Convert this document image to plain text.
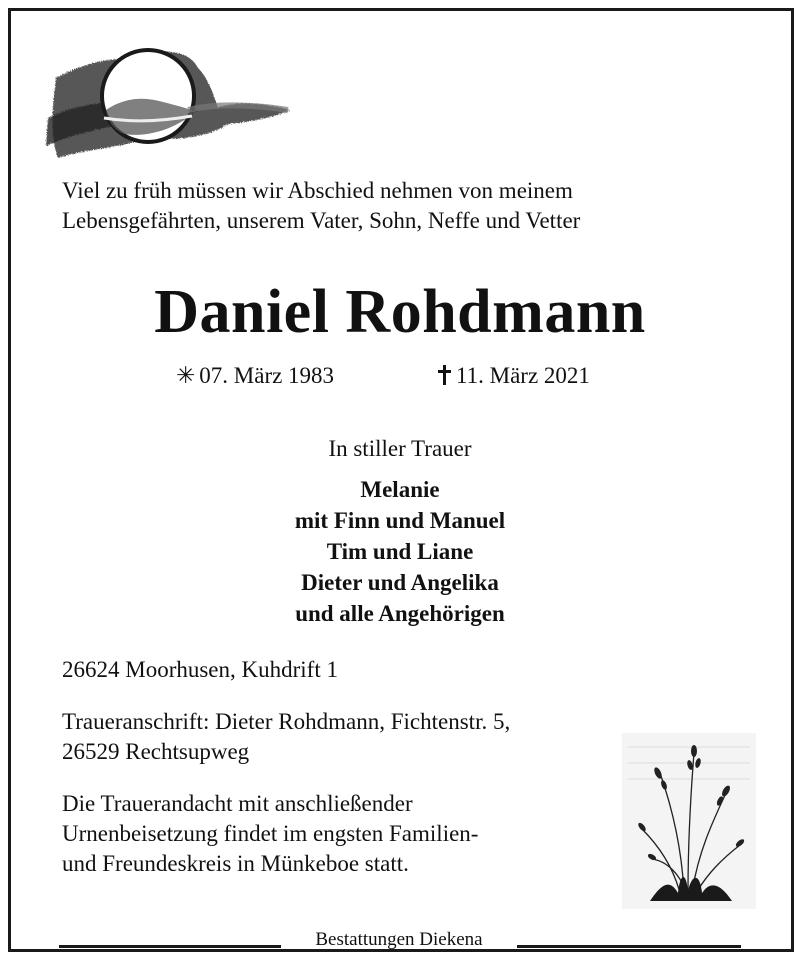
Viel zu früh müssen wir Abschied nehmen von meinem
Lebensgefährten, unserem Vater, Sohn, Neffe und Vetter
Daniel Rohdmann
✳ 07. März 1983	11. März 2021
In stiller Trauer
Melanie
mit Finn und Manuel
Tim und Liane
Dieter und Angelika
und alle Angehörigen
26624 Moorhusen, Kuhdrift 1
Traueranschrift: Dieter Rohdmann, Fichtenstr. 5,
26529 Rechtsupweg
Die Trauerandacht mit anschließender
Urnenbeisetzung findet im engsten Familien-
und Freundeskreis in Münkeboe statt.
Bestattungen Diekena
